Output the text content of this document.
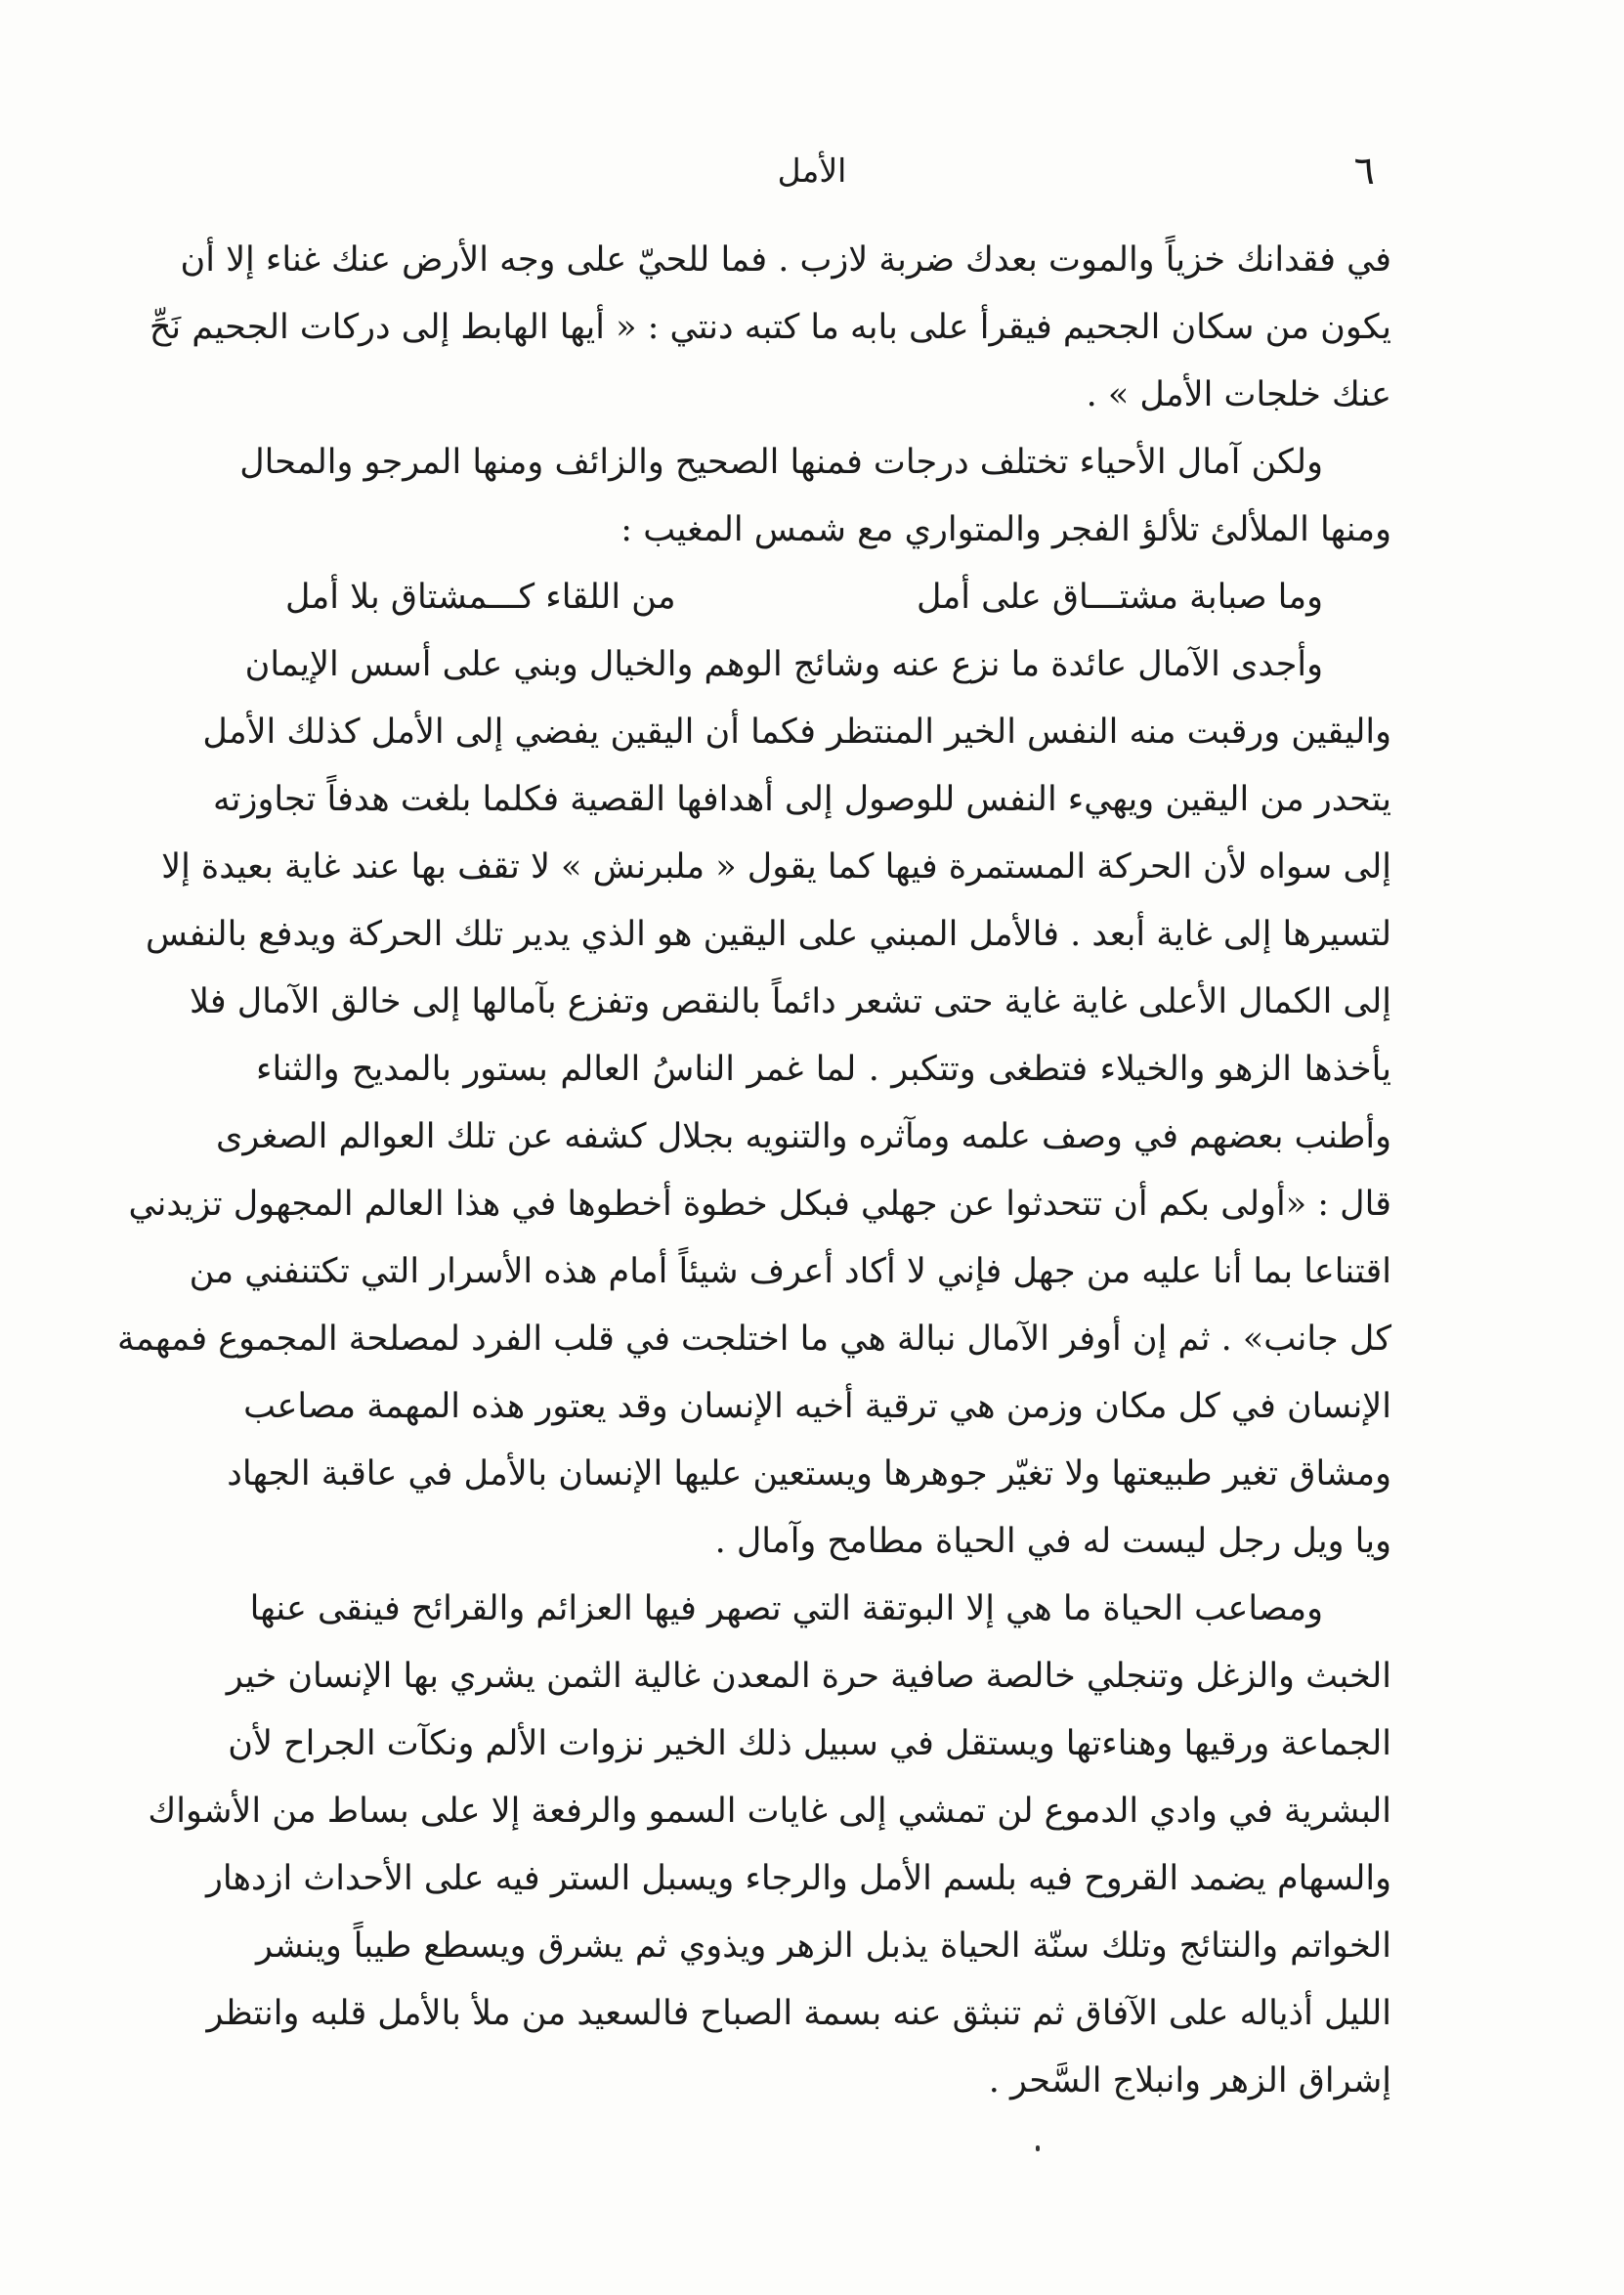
٦
الأمل
في فقدانك خزياً والموت بعدك ضربة لازب . فما للحيّ على وجه الأرض عنك غناء إلا أن
يكون من سكان الجحيم فيقرأ على بابه ما كتبه دنتي : « أيها الهابط إلى دركات الجحيم نَحِّ
عنك خلجات الأمل » .
ولكن آمال الأحياء تختلف درجات فمنها الصحيح والزائف ومنها المرجو والمحال
ومنها الملألئ تلألؤ الفجر والمتواري مع شمس المغيب :
وما صبابة مشتـــاق على أمل
من اللقاء كـــمشتاق بلا أمل
وأجدى الآمال عائدة ما نزع عنه وشائج الوهم والخيال وبني على أسس الإيمان
واليقين ورقبت منه النفس الخير المنتظر فكما أن اليقين يفضي إلى الأمل كذلك الأمل
يتحدر من اليقين ويهيء النفس للوصول إلى أهدافها القصية فكلما بلغت هدفاً تجاوزته
إلى سواه لأن الحركة المستمرة فيها كما يقول « ملبرنش » لا تقف بها عند غاية بعيدة إلا
لتسيرها إلى غاية أبعد . فالأمل المبني على اليقين هو الذي يدير تلك الحركة ويدفع بالنفس
إلى الكمال الأعلى غاية غاية حتى تشعر دائماً بالنقص وتفزع بآمالها إلى خالق الآمال فلا
يأخذها الزهو والخيلاء فتطغى وتتكبر . لما غمر الناسُ العالم بستور بالمديح والثناء
وأطنب بعضهم في وصف علمه ومآثره والتنويه بجلال كشفه عن تلك العوالم الصغرى
قال : «أولى بكم أن تتحدثوا عن جهلي فبكل خطوة أخطوها في هذا العالم المجهول تزيدني
اقتناعا بما أنا عليه من جهل فإني لا أكاد أعرف شيئاً أمام هذه الأسرار التي تكتنفني من
كل جانب» . ثم إن أوفر الآمال نبالة هي ما اختلجت في قلب الفرد لمصلحة المجموع فمهمة
الإنسان في كل مكان وزمن هي ترقية أخيه الإنسان وقد يعتور هذه المهمة مصاعب
ومشاق تغير طبيعتها ولا تغيّر جوهرها ويستعين عليها الإنسان بالأمل في عاقبة الجهاد
ويا ويل رجل ليست له في الحياة مطامح وآمال .
ومصاعب الحياة ما هي إلا البوتقة التي تصهر فيها العزائم والقرائح فينقى عنها
الخبث والزغل وتنجلي خالصة صافية حرة المعدن غالية الثمن يشري بها الإنسان خير
الجماعة ورقيها وهناءتها ويستقل في سبيل ذلك الخير نزوات الألم ونكآت الجراح لأن
البشرية في وادي الدموع لن تمشي إلى غايات السمو والرفعة إلا على بساط من الأشواك
والسهام يضمد القروح فيه بلسم الأمل والرجاء ويسبل الستر فيه على الأحداث ازدهار
الخواتم والنتائج وتلك سنّة الحياة يذبل الزهر ويذوي ثم يشرق ويسطع طيباً وينشر
الليل أذياله على الآفاق ثم تنبثق عنه بسمة الصباح فالسعيد من ملأ بالأمل قلبه وانتظر
إشراق الزهر وانبلاج السَّحر .
